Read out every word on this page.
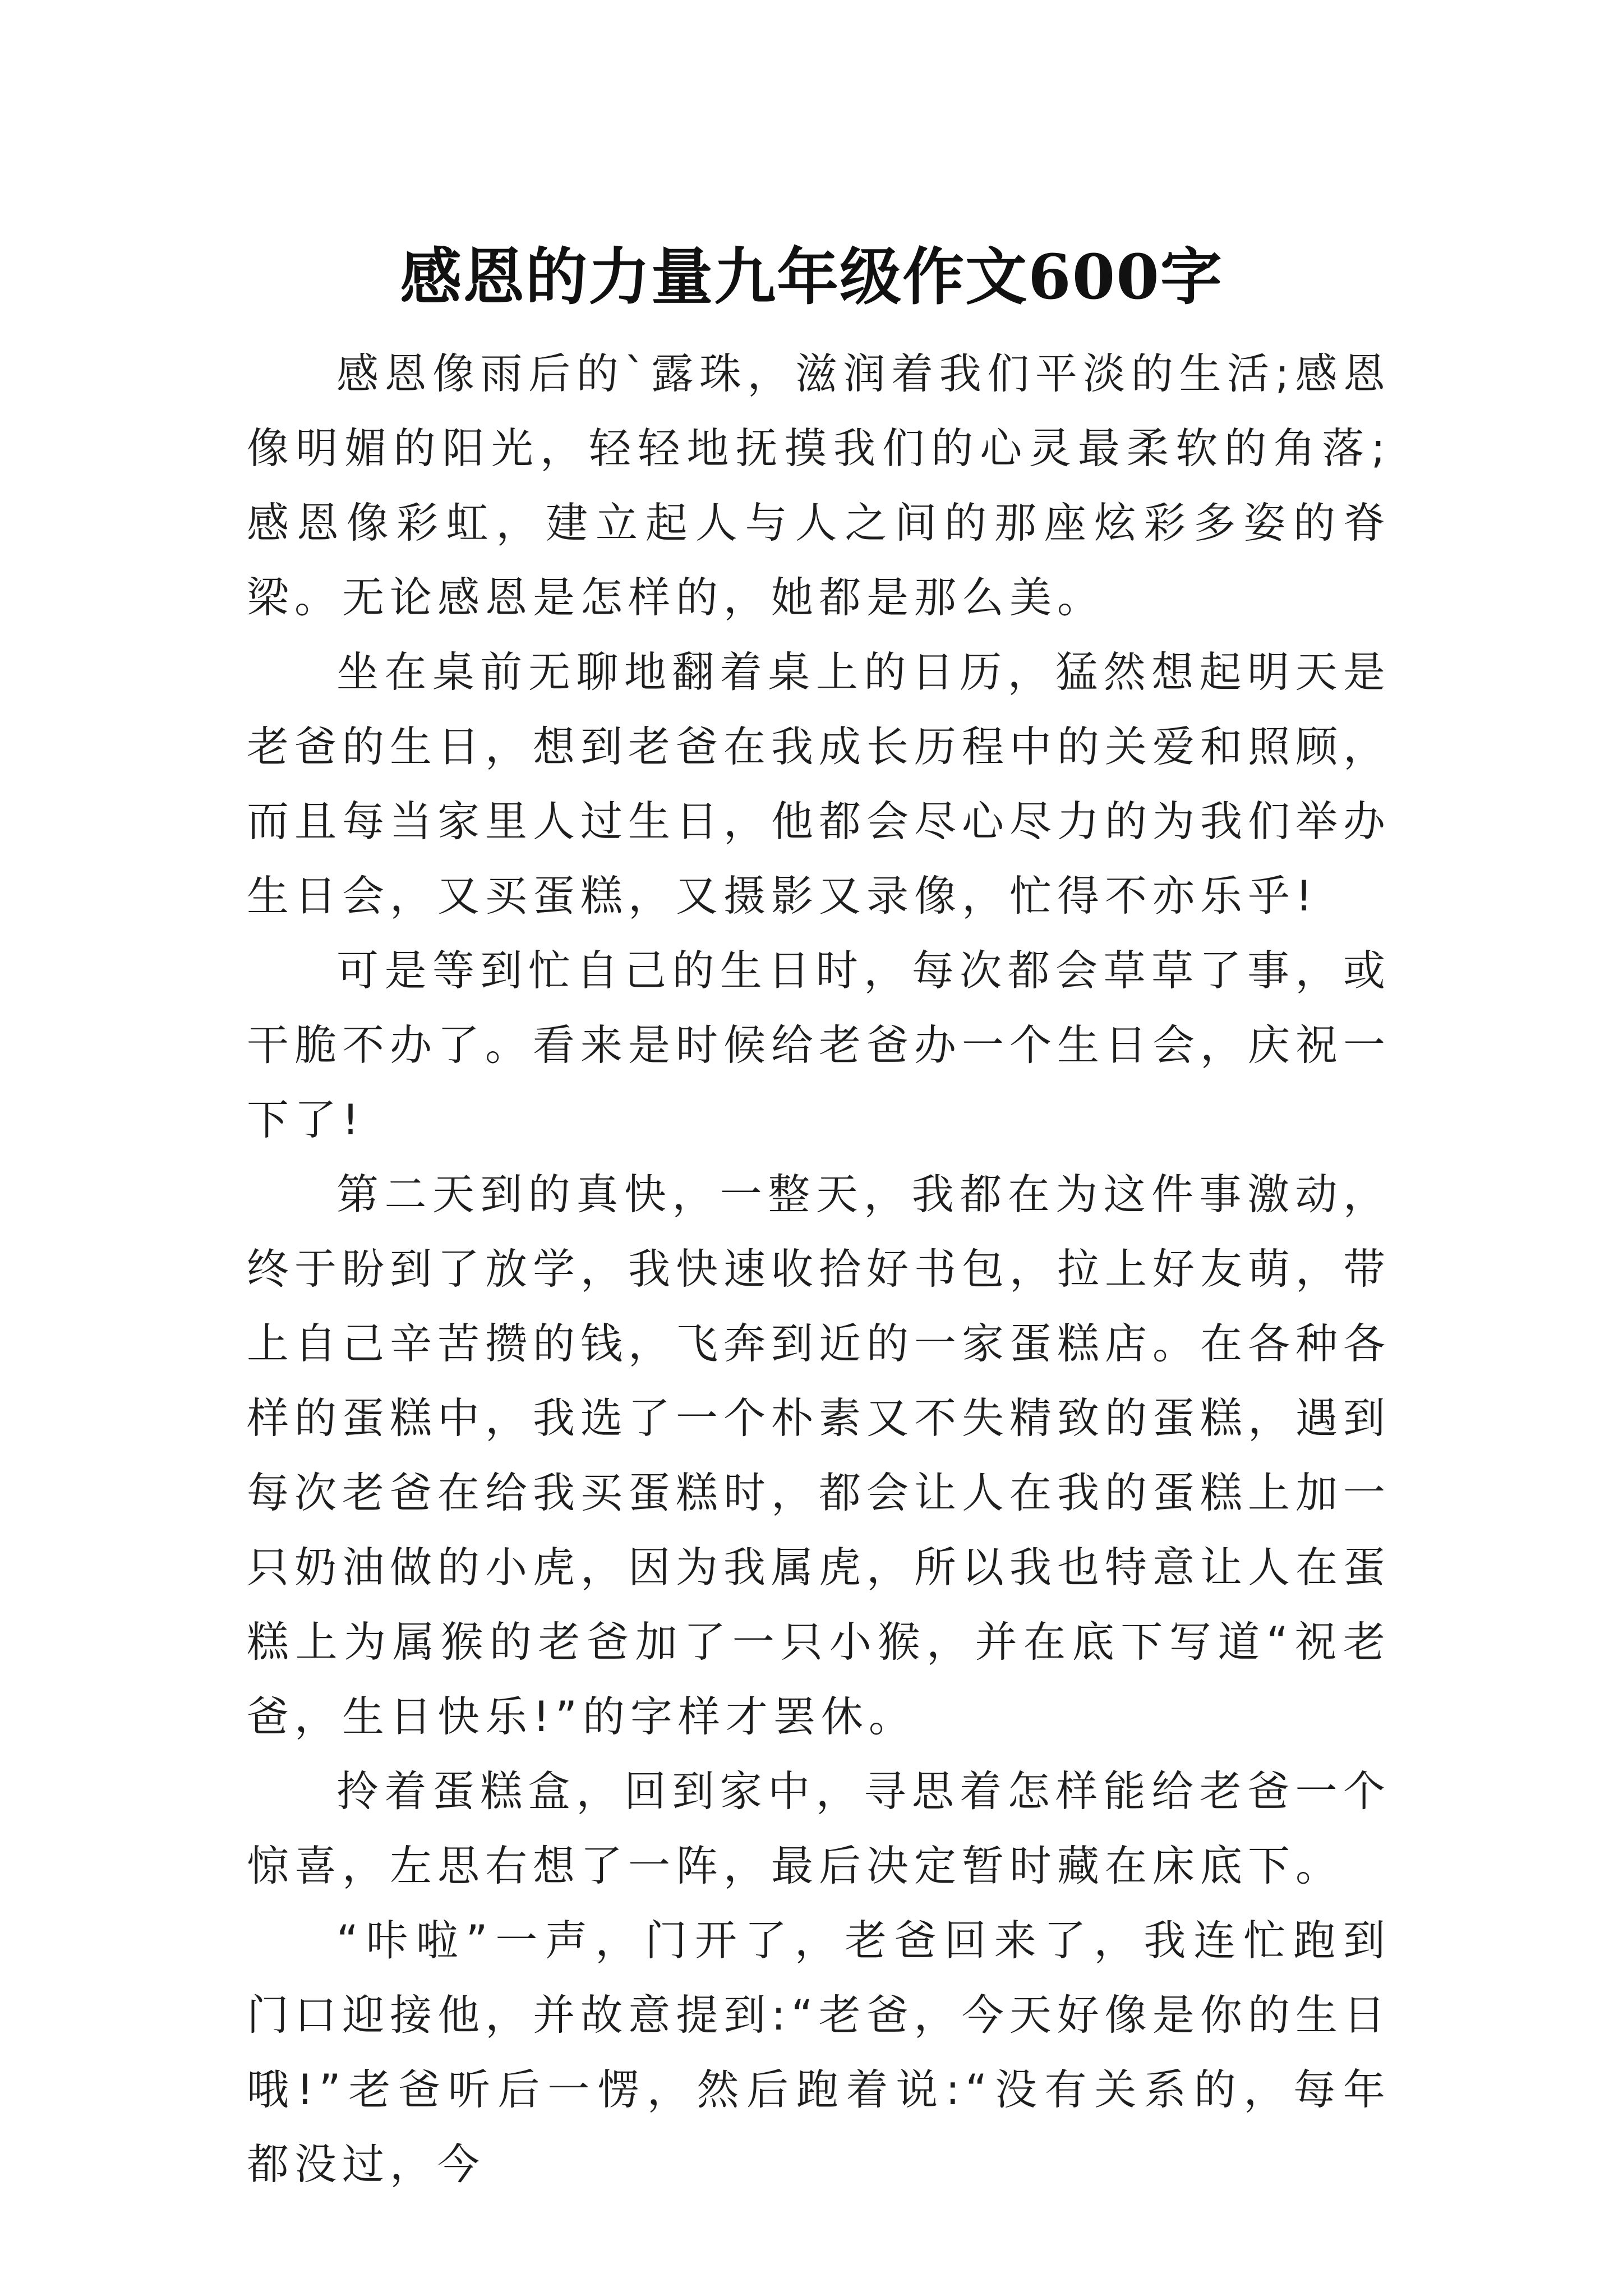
感恩的力量九年级作文600字

感恩像雨后的`露珠，滋润着我们平淡的生活;感恩像明媚的阳光，轻轻地抚摸我们的心灵最柔软的角落;感恩像彩虹，建立起人与人之间的那座炫彩多姿的脊梁。无论感恩是怎样的，她都是那么美。

坐在桌前无聊地翻着桌上的日历，猛然想起明天是老爸的生日，想到老爸在我成长历程中的关爱和照顾，而且每当家里人过生日，他都会尽心尽力的为我们举办生日会，又买蛋糕，又摄影又录像，忙得不亦乐乎!

可是等到忙自己的生日时，每次都会草草了事，或干脆不办了。看来是时候给老爸办一个生日会，庆祝一下了!

第二天到的真快，一整天，我都在为这件事激动，终于盼到了放学，我快速收拾好书包，拉上好友萌，带上自己辛苦攒的钱，飞奔到近的一家蛋糕店。在各种各样的蛋糕中，我选了一个朴素又不失精致的蛋糕，遇到每次老爸在给我买蛋糕时，都会让人在我的蛋糕上加一只奶油做的小虎，因为我属虎，所以我也特意让人在蛋糕上为属猴的老爸加了一只小猴，并在底下写道“祝老爸，生日快乐!”的字样才罢休。

拎着蛋糕盒，回到家中，寻思着怎样能给老爸一个惊喜，左思右想了一阵，最后决定暂时藏在床底下。

“咔啦”一声，门开了，老爸回来了，我连忙跑到门口迎接他，并故意提到:“老爸，今天好像是你的生日哦!”老爸听后一愣，然后跑着说:“没有关系的，每年都没过，今
